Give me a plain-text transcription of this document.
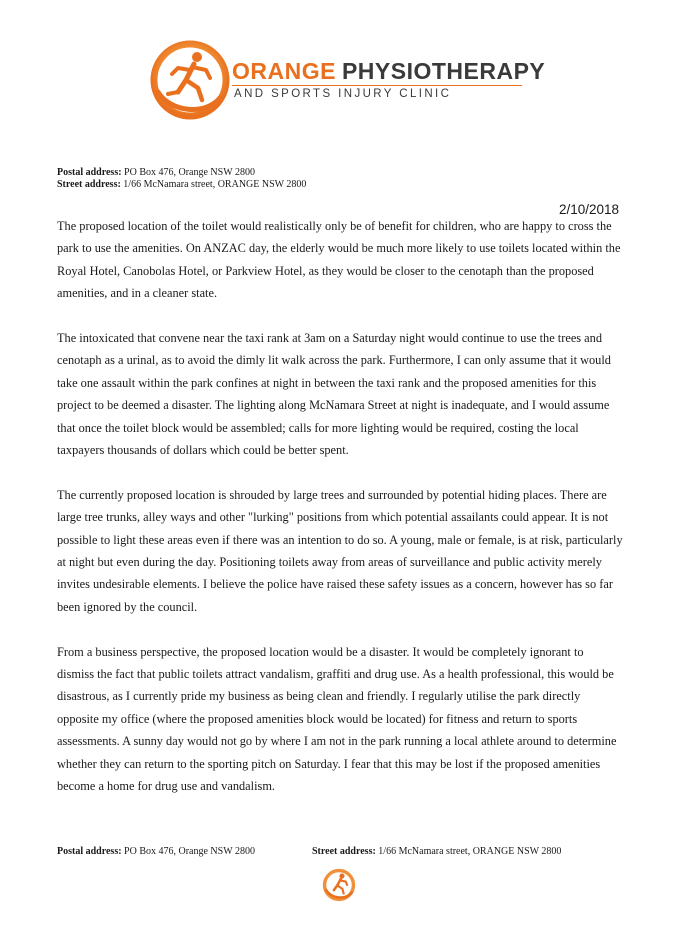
ORANGE PHYSIOTHERAPY
AND SPORTS INJURY CLINIC
Postal address: PO Box 476, Orange NSW 2800
Street address: 1/66 McNamara street, ORANGE NSW 2800
2/10/2018

The proposed location of the toilet would realistically only be of benefit for children, who are happy to cross the park to use the amenities. On ANZAC day, the elderly would be much more likely to use toilets located within the Royal Hotel, Canobolas Hotel, or Parkview Hotel, as they would be closer to the cenotaph than the proposed amenities, and in a cleaner state.

The intoxicated that convene near the taxi rank at 3am on a Saturday night would continue to use the trees and cenotaph as a urinal, as to avoid the dimly lit walk across the park. Furthermore, I can only assume that it would take one assault within the park confines at night in between the taxi rank and the proposed amenities for this project to be deemed a disaster. The lighting along McNamara Street at night is inadequate, and I would assume that once the toilet block would be assembled; calls for more lighting would be required, costing the local taxpayers thousands of dollars which could be better spent.

The currently proposed location is shrouded by large trees and surrounded by potential hiding places. There are large tree trunks, alley ways and other "lurking" positions from which potential assailants could appear. It is not possible to light these areas even if there was an intention to do so. A young, male or female, is at risk, particularly at night but even during the day. Positioning toilets away from areas of surveillance and public activity merely invites undesirable elements. I believe the police have raised these safety issues as a concern, however has so far been ignored by the council.

From a business perspective, the proposed location would be a disaster. It would be completely ignorant to dismiss the fact that public toilets attract vandalism, graffiti and drug use. As a health professional, this would be disastrous, as I currently pride my business as being clean and friendly. I regularly utilise the park directly opposite my office (where the proposed amenities block would be located) for fitness and return to sports assessments. A sunny day would not go by where I am not in the park running a local athlete around to determine whether they can return to the sporting pitch on Saturday. I fear that this may be lost if the proposed amenities become a home for drug use and vandalism.

Postal address: PO Box 476, Orange NSW 2800	Street address: 1/66 McNamara street, ORANGE NSW 2800
